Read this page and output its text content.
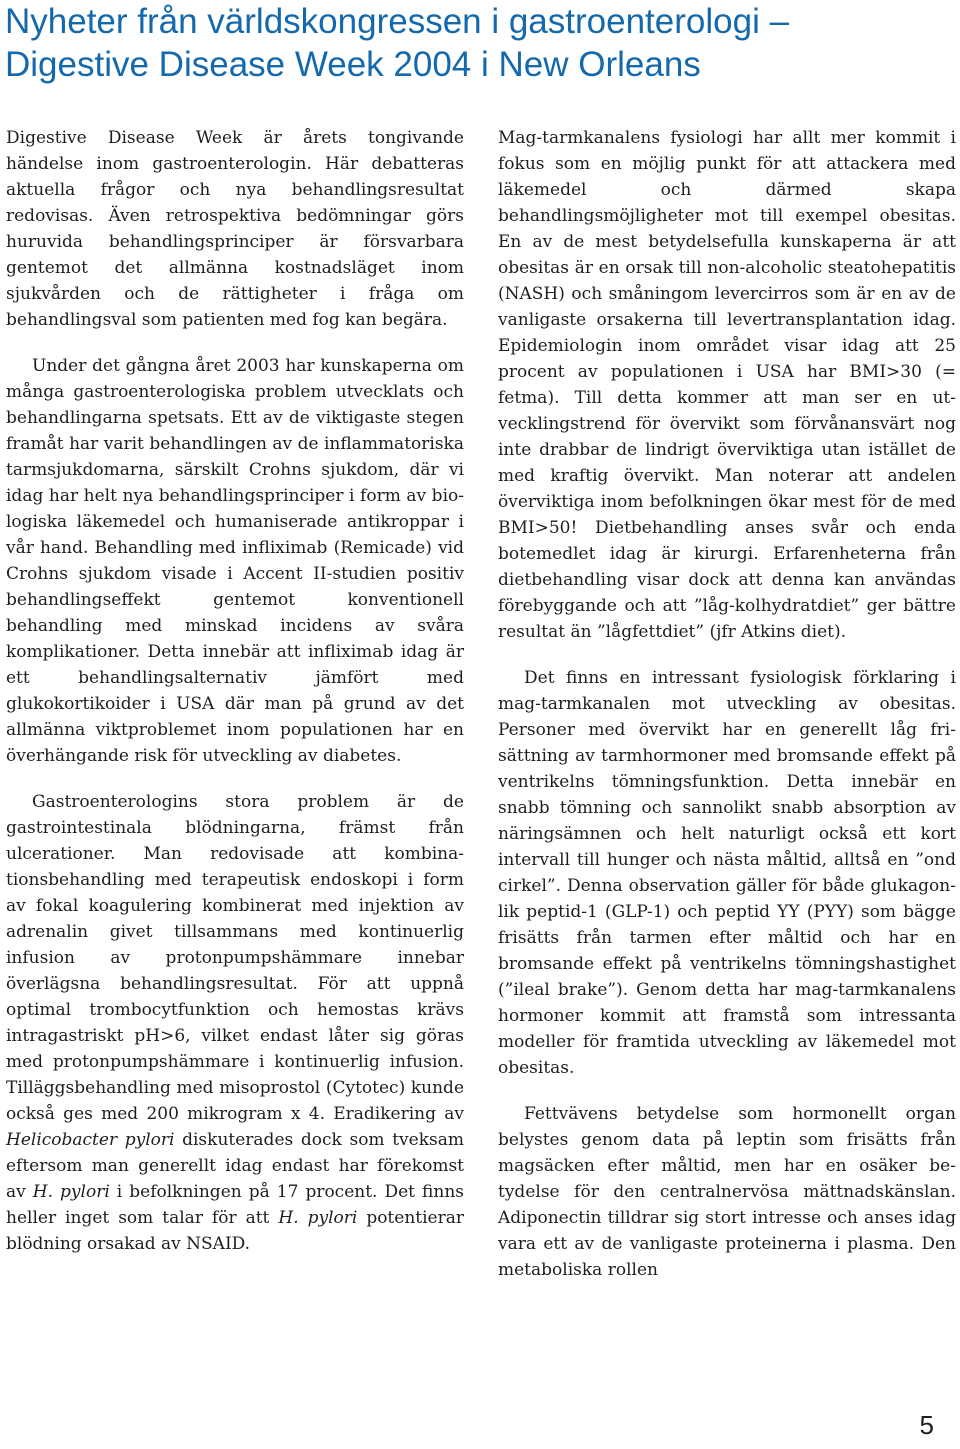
Nyheter från världskongressen i gastroenterologi –
Digestive Disease Week 2004 i New Orleans

Digestive Disease Week är årets tongivande händelse inom gastroenterologin. Här debatteras aktuella frågor och nya behandlingsresultat redovisas. Även retrospektiva bedömningar görs huruvida behandlingsprinciper är försvarbara gentemot det allmänna kostnadsläget inom sjukvården och de rättigheter i fråga om behandlingsval som patienten med fog kan begära.

Under det gångna året 2003 har kunskaperna om många gastroenterologiska problem utvecklats och behandlingarna spetsats. Ett av de viktigaste stegen framåt har varit behandlingen av de inflammatoriska tarmsjukdomarna, särskilt Crohns sjukdom, där vi idag har helt nya behandlingsprinciper i form av biologiska läkemedel och humaniserade antikroppar i vår hand. Behandling med infliximab (Remicade) vid Crohns sjukdom visade i Accent II-studien positiv behandlingseffekt gentemot konventionell behandling med minskad incidens av svåra komplikationer. Detta innebär att infliximab idag är ett behandlingsalternativ jämfört med glukokortikoider i USA där man på grund av det allmänna viktproblemet inom populationen har en överhängande risk för utveckling av diabetes.

Gastroenterologins stora problem är de gastrointestinala blödningarna, främst från ulcerationer. Man redovisade att kombinationsbehandling med terapeutisk endoskopi i form av fokal koagulering kombinerat med injektion av adrenalin givet tillsammans med kontinuerlig infusion av protonpumpshämmare innebar överlägsna behandlingsresultat. För att uppnå optimal trombocytfunktion och hemostas krävs intragastriskt pH>6, vilket endast låter sig göras med protonpumpshämmare i kontinuerlig infusion. Tilläggsbehandling med misoprostol (Cytotec) kunde också ges med 200 mikrogram x 4. Eradikering av Helicobacter pylori diskuterades dock som tveksam eftersom man generellt idag endast har förekomst av H. pylori i befolkningen på 17 procent. Det finns heller inget som talar för att H. pylori potentierar blödning orsakad av NSAID.

Mag-tarmkanalens fysiologi har allt mer kommit i fokus som en möjlig punkt för att attackera med läkemedel och därmed skapa behandlingsmöjligheter mot till exempel obesitas. En av de mest betydelsefulla kunskaperna är att obesitas är en orsak till non-alcoholic steatohepatitis (NASH) och småningom levercirros som är en av de vanligaste orsakerna till levertransplantation idag. Epidemiologin inom området visar idag att 25 procent av populationen i USA har BMI>30 (= fetma). Till detta kommer att man ser en utvecklingstrend för övervikt som förvånansvärt nog inte drabbar de lindrigt överviktiga utan istället de med kraftig övervikt. Man noterar att andelen överviktiga inom befolkningen ökar mest för de med BMI>50! Dietbehandling anses svår och enda botemedlet idag är kirurgi. Erfarenheterna från dietbehandling visar dock att denna kan användas förebyggande och att ”låg-kolhydratdiet” ger bättre resultat än ”lågfettdiet” (jfr Atkins diet).

Det finns en intressant fysiologisk förklaring i mag-tarmkanalen mot utveckling av obesitas. Personer med övervikt har en generellt låg frisättning av tarmhormoner med bromsande effekt på ventrikelns tömningsfunktion. Detta innebär en snabb tömning och sannolikt snabb absorption av näringsämnen och helt naturligt också ett kort intervall till hunger och nästa måltid, alltså en ”ond cirkel”. Denna observation gäller för både glukagon-lik peptid-1 (GLP-1) och peptid YY (PYY) som bägge frisätts från tarmen efter måltid och har en bromsande effekt på ventrikelns tömningshastighet (”ileal brake”). Genom detta har mag-tarmkanalens hormoner kommit att framstå som intressanta modeller för framtida utveckling av läkemedel mot obesitas.

Fettvävens betydelse som hormonellt organ belystes genom data på leptin som frisätts från magsäcken efter måltid, men har en osäker betydelse för den centralnervösa mättnadskänslan. Adiponectin tilldrar sig stort intresse och anses idag vara ett av de vanligaste proteinerna i plasma. Den metaboliska rollen

5
